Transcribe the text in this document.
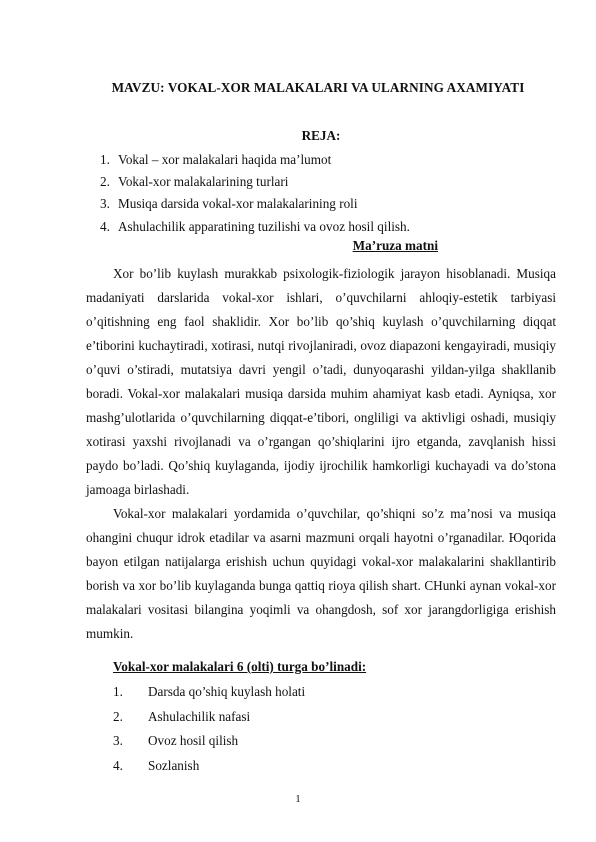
MAVZU: VOKAL-XOR MALAKALARI VA ULARNING AXAMIYATI
REJA:
1. Vokal – xor malakalari haqida ma’lumot
2. Vokal-xor malakalarining turlari
3. Musiqa darsida vokal-xor malakalarining roli
4. Ashulachilik apparatining tuzilishi va ovoz hosil qilish.
Ma’ruza matni

Xor bo’lib kuylash murakkab psixologik-fiziologik jarayon hisoblanadi. Musiqa madaniyati darslarida vokal-xor ishlari, o’quvchilarni ahloqiy-estetik tarbiyasi o’qitishning eng faol shaklidir. Xor bo’lib qo’shiq kuylash o’quvchilarning diqqat e’tiborini kuchaytiradi, xotirasi, nutqi rivojlaniradi, ovoz diapazoni kengayiradi, musiqiy o’quvi o’stiradi, mutatsiya davri yengil o’tadi, dunyoqarashi yildan-yilga shakllanib boradi. Vokal-xor malakalari musiqa darsida muhim ahamiyat kasb etadi. Ayniqsa, xor mashg’ulotlarida o’quvchilarning diqqat-e’tibori, ongliligi va aktivligi oshadi, musiqiy xotirasi yaxshi rivojlanadi va o’rgangan qo’shiqlarini ijro etganda, zavqlanish hissi paydo bo’ladi. Qo’shiq kuylaganda, ijodiy ijrochilik hamkorligi kuchayadi va do’stona jamoaga birlashadi.

Vokal-xor malakalari yordamida o’quvchilar, qo’shiqni so’z ma’nosi va musiqa ohangini chuqur idrok etadilar va asarni mazmuni orqali hayotni o’rganadilar. Юqorida bayon etilgan natijalarga erishish uchun quyidagi vokal-xor malakalarini shakllantirib borish va xor bo’lib kuylaganda bunga qattiq rioya qilish shart. CHunki aynan vokal-xor malakalari vositasi bilangina yoqimli va ohangdosh, sof xor jarangdorligiga erishish mumkin.

Vokal-xor malakalari 6 (olti) turga bo’linadi:
1. Darsda qo’shiq kuylash holati
2. Ashulachilik nafasi
3. Ovoz hosil qilish
4. Sozlanish
1
